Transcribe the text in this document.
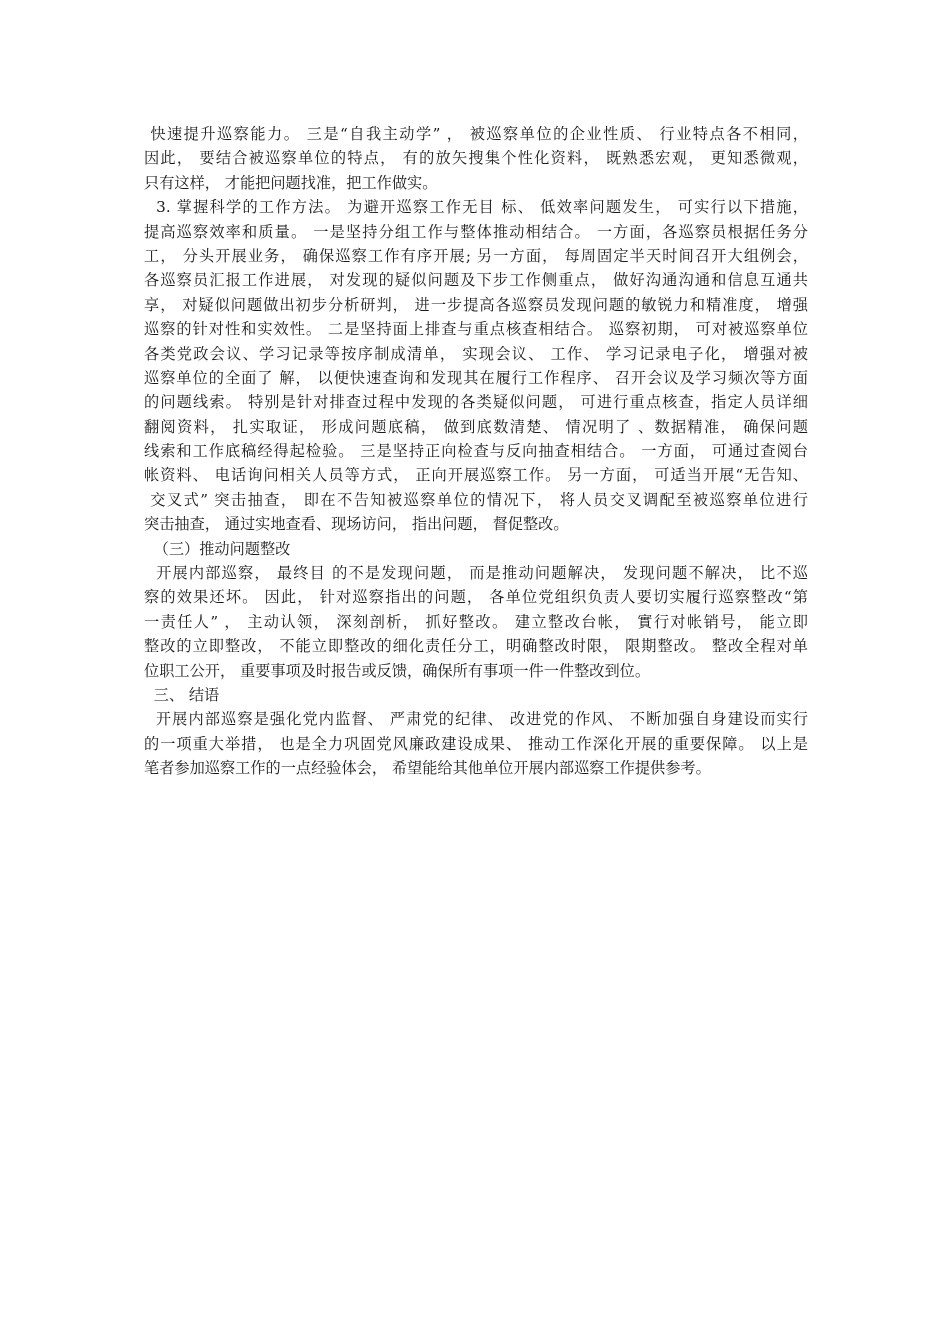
快速提升巡察能力。 三是“自我主动学” ， 被巡察单位的企业性质、 行业特点各不相同，
因此， 要结合被巡察单位的特点， 有的放矢搜集个性化资料， 既熟悉宏观， 更知悉微观，
只有这样， 才能把问题找准，把工作做实。
3. 掌握科学的工作方法。 为避开巡察工作无目 标、 低效率问题发生， 可实行以下措施，
提高巡察效率和质量。 一是坚持分组工作与整体推动相结合。 一方面，各巡察员根据任务分
工， 分头开展业务， 确保巡察工作有序开展; 另一方面， 每周固定半天时间召开大组例会，
各巡察员汇报工作进展， 对发现的疑似问题及下步工作侧重点， 做好沟通沟通和信息互通共
享， 对疑似问题做出初步分析研判， 进一步提高各巡察员发现问题的敏锐力和精准度， 增强
巡察的针对性和实效性。 二是坚持面上排查与重点核查相结合。 巡察初期， 可对被巡察单位
各类党政会议、学习记录等按序制成清单， 实现会议、 工作、 学习记录电子化， 增强对被
巡察单位的全面了 解， 以便快速查询和发现其在履行工作程序、 召开会议及学习频次等方面
的问题线索。 特别是针对排查过程中发现的各类疑似问题， 可进行重点核查，指定人员详细
翻阅资料， 扎实取证， 形成问题底稿， 做到底数清楚、 情况明了 、数据精准， 确保问题
线索和工作底稿经得起检验。 三是坚持正向检查与反向抽查相结合。 一方面， 可通过查阅台
帐资料、 电话询问相关人员等方式， 正向开展巡察工作。 另一方面， 可适当开展“无告知、
交叉式” 突击抽查， 即在不告知被巡察单位的情况下， 将人员交叉调配至被巡察单位进行
突击抽查， 通过实地查看、现场访问， 指出问题， 督促整改。
（三）推动问题整改
开展内部巡察， 最终目 的不是发现问题， 而是推动问题解决， 发现问题不解决， 比不巡
察的效果还坏。 因此， 针对巡察指出的问题， 各单位党组织负责人要切实履行巡察整改“第
一责任人” ， 主动认领， 深刻剖析， 抓好整改。 建立整改台帐， 實行对帐销号， 能立即
整改的立即整改， 不能立即整改的细化责任分工，明确整改时限， 限期整改。 整改全程对单
位职工公开， 重要事项及时报告或反馈，确保所有事项一件一件整改到位。
三、 结语
开展内部巡察是强化党内监督、 严肃党的纪律、 改进党的作风、 不断加强自身建设而实行
的一项重大举措， 也是全力巩固党风廉政建设成果、 推动工作深化开展的重要保障。 以上是
笔者参加巡察工作的一点经验体会， 希望能给其他单位开展内部巡察工作提供参考。
